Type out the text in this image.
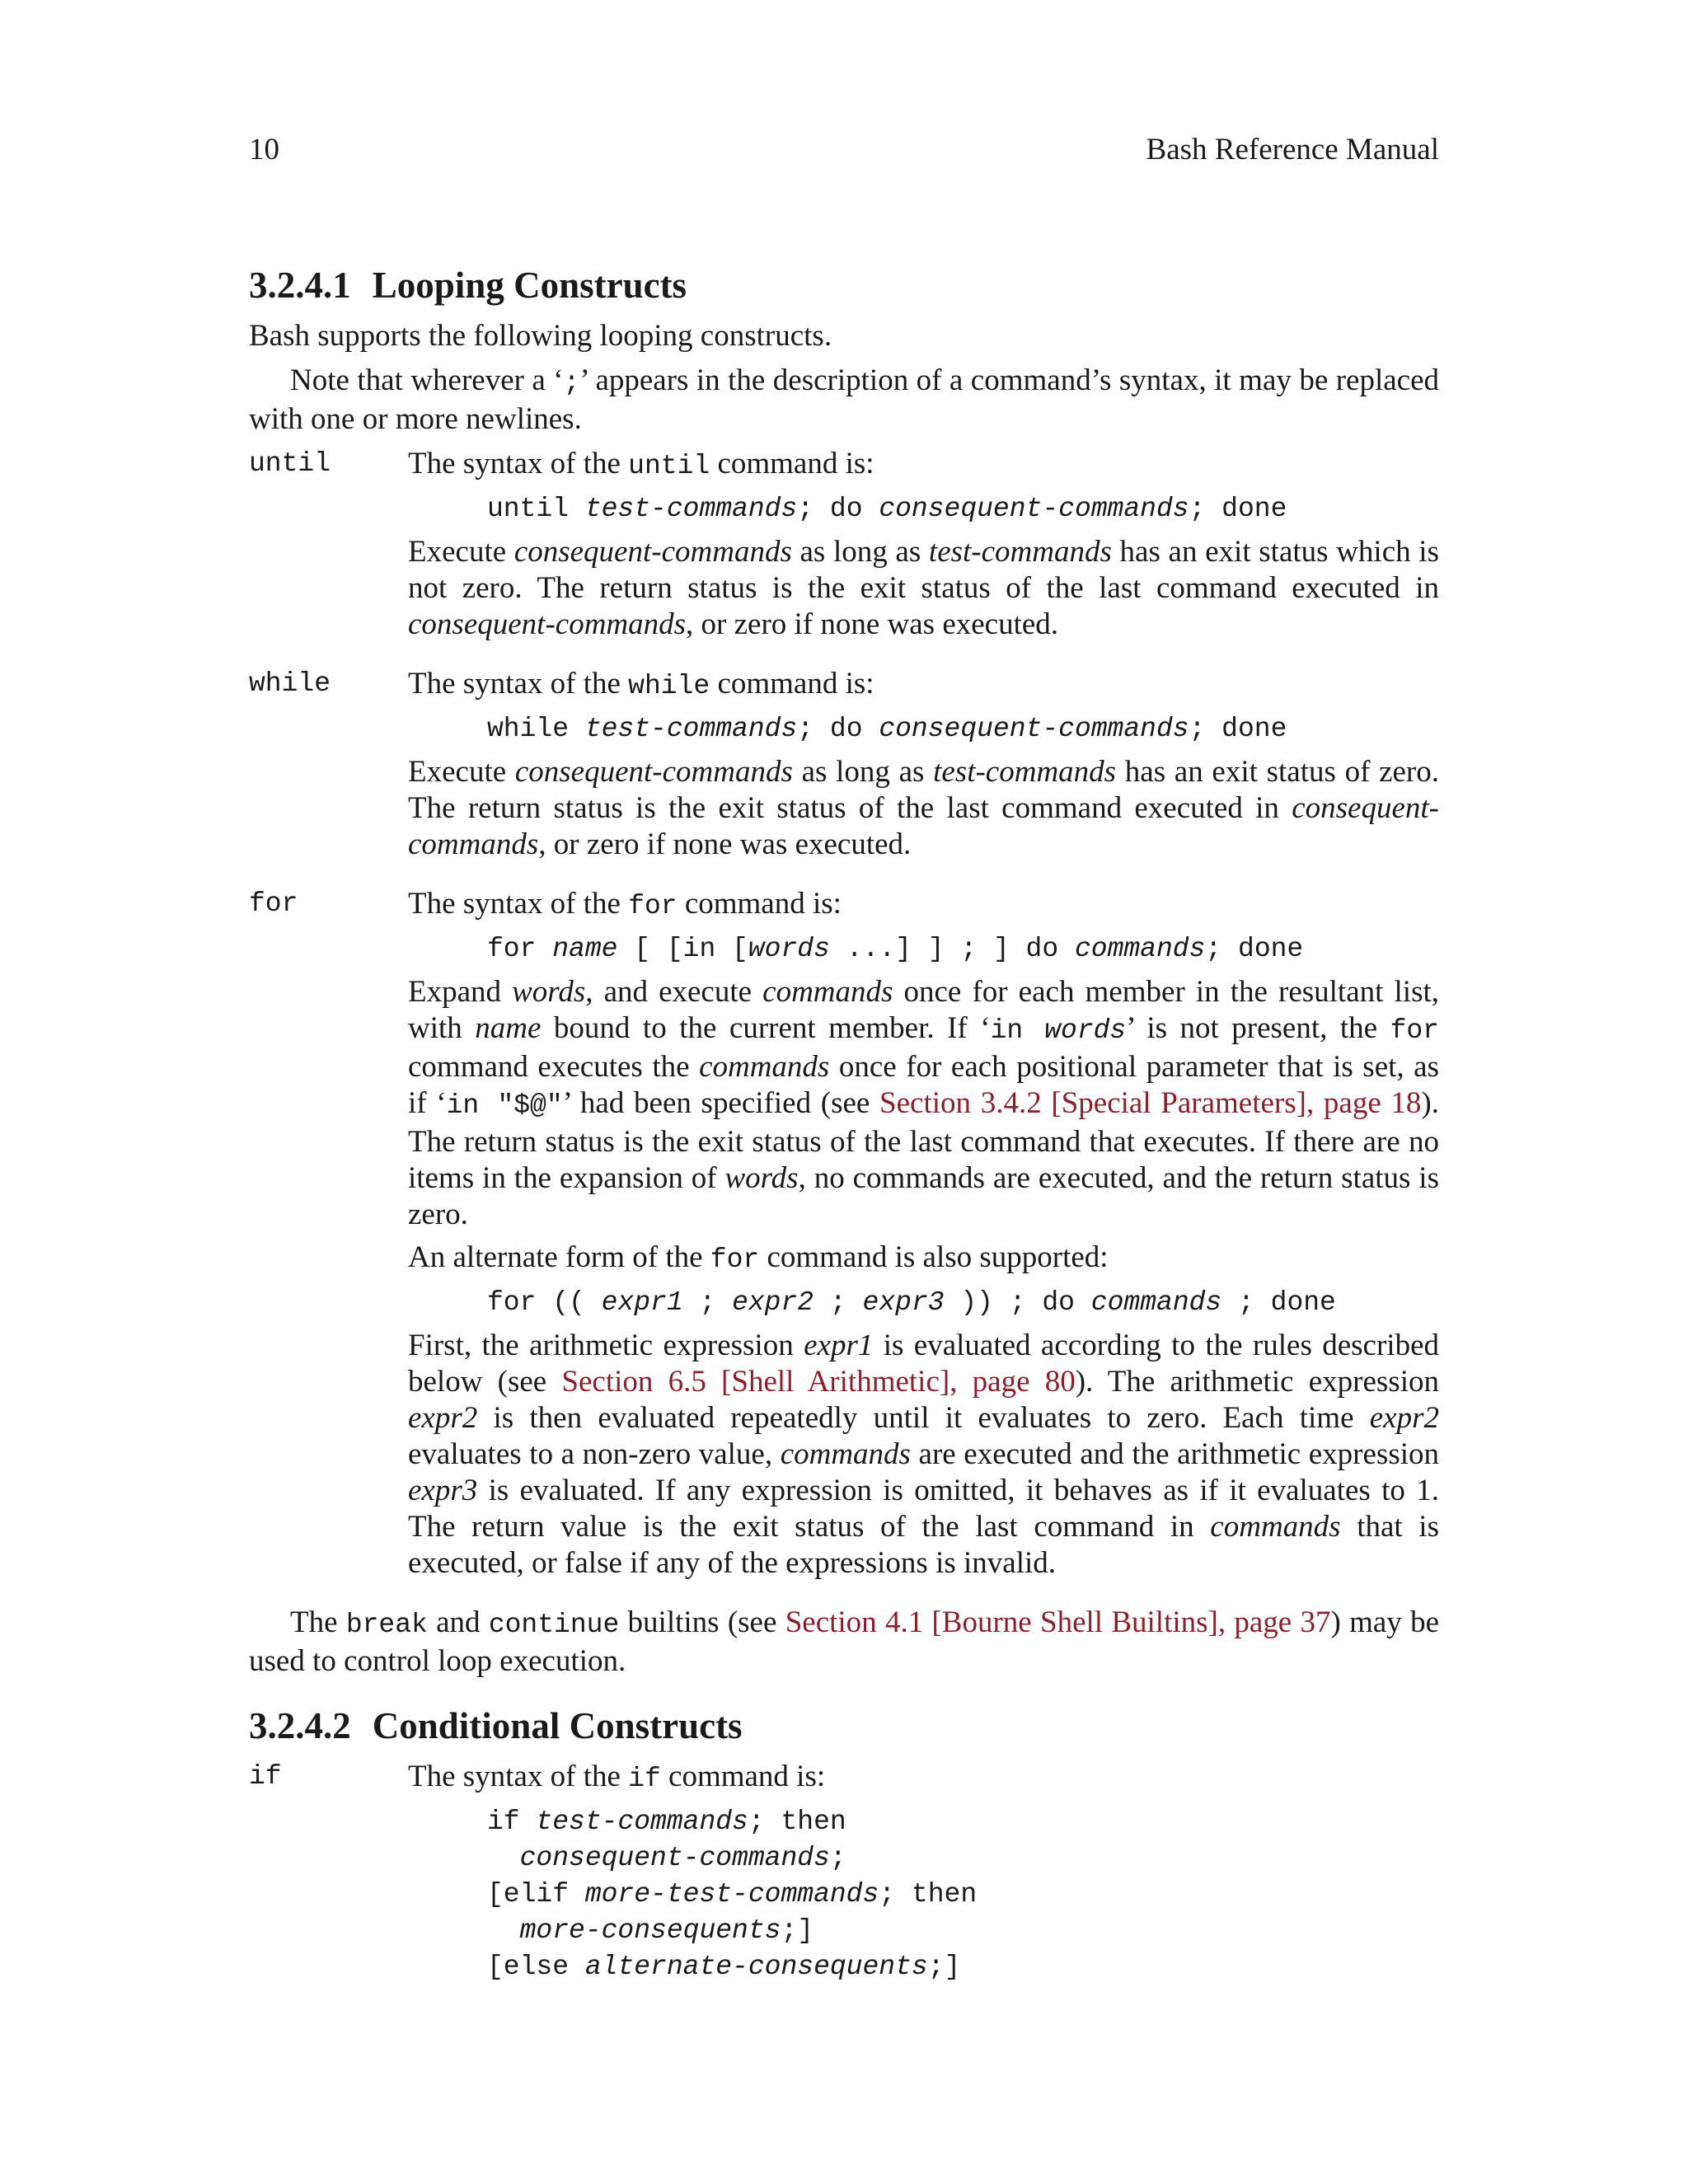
10	Bash Reference Manual
3.2.4.1 Looping Constructs

Bash supports the following looping constructs.

Note that wherever a ‘;’ appears in the description of a command’s syntax, it may be replaced with one or more newlines.

until	The syntax of the until command is:

until test-commands; do consequent-commands; done

Execute consequent-commands as long as test-commands has an exit status which is not zero. The return status is the exit status of the last command executed in consequent-commands, or zero if none was executed.

while	The syntax of the while command is:

while test-commands; do consequent-commands; done

Execute consequent-commands as long as test-commands has an exit status of zero. The return status is the exit status of the last command executed in consequent-commands, or zero if none was executed.

for	The syntax of the for command is:

for name [ [in [words ...] ] ; ] do commands; done

Expand words, and execute commands once for each member in the resultant list, with name bound to the current member. If ‘in words’ is not present, the for command executes the commands once for each positional parameter that is set, as if ‘in "$@"’ had been specified (see Section 3.4.2 [Special Parameters], page 18). The return status is the exit status of the last command that executes. If there are no items in the expansion of words, no commands are executed, and the return status is zero.

An alternate form of the for command is also supported:

for (( expr1 ; expr2 ; expr3 )) ; do commands ; done

First, the arithmetic expression expr1 is evaluated according to the rules described below (see Section 6.5 [Shell Arithmetic], page 80). The arithmetic expression expr2 is then evaluated repeatedly until it evaluates to zero. Each time expr2 evaluates to a non-zero value, commands are executed and the arithmetic expression expr3 is evaluated. If any expression is omitted, it behaves as if it evaluates to 1. The return value is the exit status of the last command in commands that is executed, or false if any of the expressions is invalid.

The break and continue builtins (see Section 4.1 [Bourne Shell Builtins], page 37) may be used to control loop execution.

3.2.4.2 Conditional Constructs
if	The syntax of the if command is:

if test-commands; then
consequent-commands;
[elif more-test-commands; then
more-consequents;]
[else alternate-consequents;]
